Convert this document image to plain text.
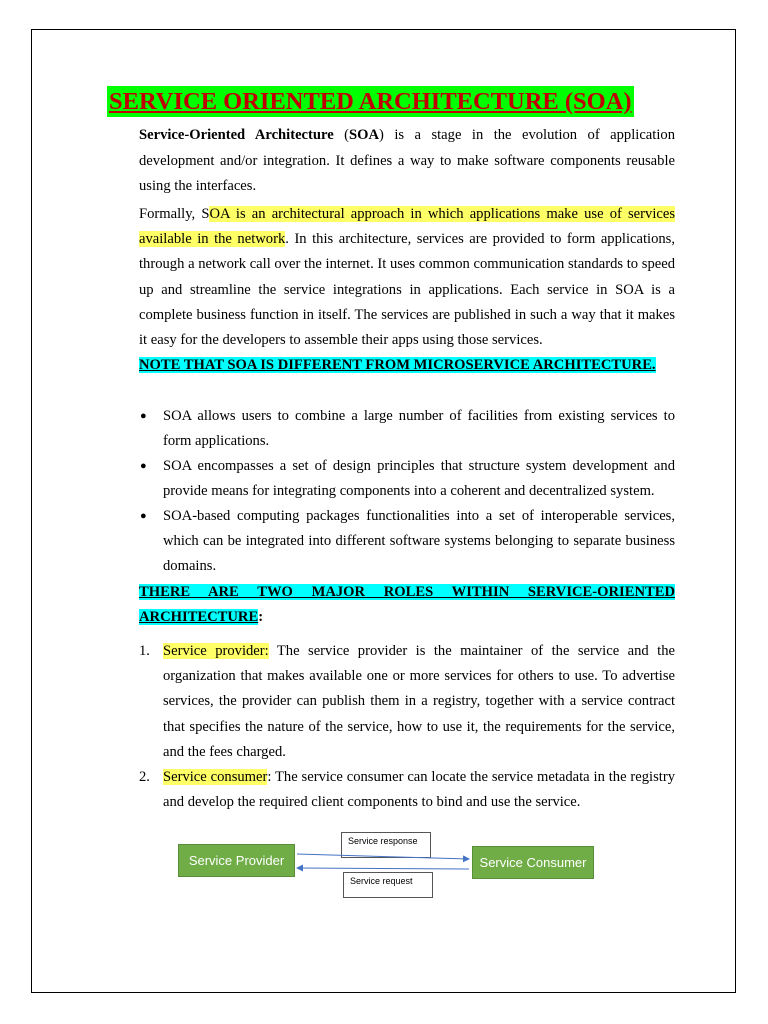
SERVICE ORIENTED ARCHITECTURE (SOA)

Service-Oriented Architecture (SOA) is a stage in the evolution of application development and/or integration. It defines a way to make software components reusable using the interfaces.

Formally, SOA is an architectural approach in which applications make use of services available in the network. In this architecture, services are provided to form applications, through a network call over the internet. It uses common communication standards to speed up and streamline the service integrations in applications. Each service in SOA is a complete business function in itself. The services are published in such a way that it makes it easy for the developers to assemble their apps using those services.

NOTE THAT SOA IS DIFFERENT FROM MICROSERVICE ARCHITECTURE.

● SOA allows users to combine a large number of facilities from existing services to form applications.
● SOA encompasses a set of design principles that structure system development and provide means for integrating components into a coherent and decentralized system.
● SOA-based computing packages functionalities into a set of interoperable services, which can be integrated into different software systems belonging to separate business domains.

THERE ARE TWO MAJOR ROLES WITHIN SERVICE-ORIENTED ARCHITECTURE:

1. Service provider: The service provider is the maintainer of the service and the organization that makes available one or more services for others to use. To advertise services, the provider can publish them in a registry, together with a service contract that specifies the nature of the service, how to use it, the requirements for the service, and the fees charged.
2. Service consumer: The service consumer can locate the service metadata in the registry and develop the required client components to bind and use the service.
Service Provider	Service Consumer
Service response
Service request
